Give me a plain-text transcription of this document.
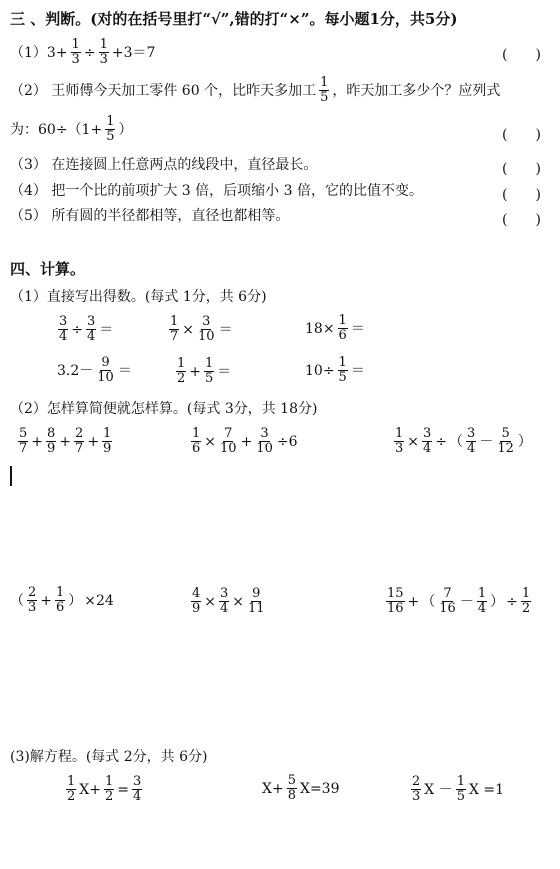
三 、判断。(对的在括号里打“√”,错的打“×”。每小题1分，共5分)
$(1)3+ \frac{1}{3} \div \frac{1}{3} +3=7$	(　　)
（2） 王师傅今天加工零件 60 个，比昨天多加工 $\frac{1}{5}$ ，昨天加工多少个？应列式
为：$60\div(1+ \frac{1}{5}$ ）	(　　)
（3） 在连接圆上任意两点的线段中，直径最长。	(　　)
（4） 把一个比的前项扩大 3 倍，后项缩小 3 倍，它的比值不变。	(　　)
（5） 所有圆的半径都相等，直径也都相等。	(　　)
四、计算。
（1）直接写出得数。(每式 1分，共 6分)
$\frac{3}{4} \div \frac{3}{4}$ ＝	$\frac{1}{7} \times \frac{3}{10}$ ＝	$18\times \frac{1}{6}$ ＝
$3.2- \frac{9}{10}$ ＝	$\frac{1}{2} + \frac{1}{5}$ ＝	$10\div \frac{1}{5}$ ＝
（2）怎样算简便就怎样算。(每式 3分，共 18分)
$\frac{5}{7} + \frac{8}{9} + \frac{2}{7} + \frac{1}{9}$	$\frac{1}{6} \times \frac{7}{10} + \frac{3}{10} \div 6$	$\frac{1}{3} \times \frac{3}{4}$ ÷ （ $\frac{3}{4} - \frac{5}{12}$ ）
（ $\frac{2}{3} + \frac{1}{6}$ ） ×24	$\frac{4}{9} \times \frac{3}{4} \times \frac{9}{11}$	$\frac{15}{16}$ + （ $\frac{7}{16} - \frac{1}{4}$ ） ÷ $\frac{1}{2}$
(3)解方程。(每式 2分，共 6分)
$\frac{1}{2} X+ \frac{1}{2} = \frac{3}{4}$	$X+ \frac{5}{8} X=39$	$\frac{2}{3}$ $X - \frac{1}{5}$ X =1
